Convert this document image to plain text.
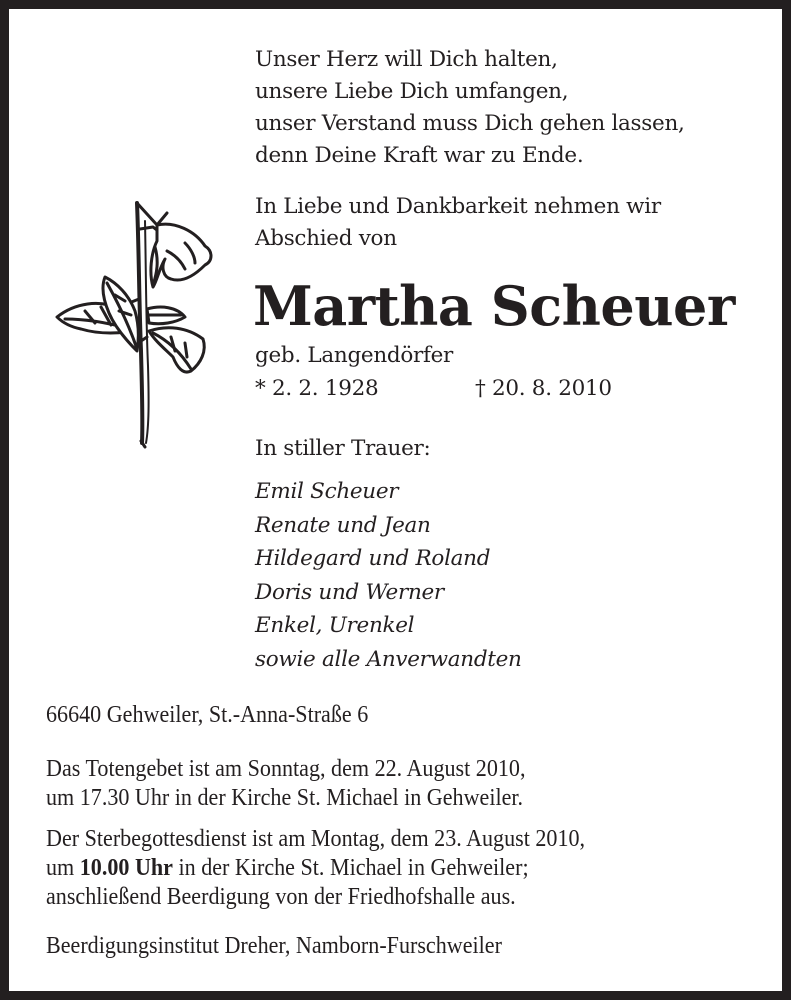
Unser Herz will Dich halten,
unsere Liebe Dich umfangen,
unser Verstand muss Dich gehen lassen,
denn Deine Kraft war zu Ende.
In Liebe und Dankbarkeit nehmen wir
Abschied von
Martha Scheuer
geb. Langendörfer
* 2. 2. 1928	† 20. 8. 2010
In stiller Trauer:
Emil Scheuer
Renate und Jean
Hildegard und Roland
Doris und Werner
Enkel, Urenkel
sowie alle Anverwandten
66640 Gehweiler, St.-Anna-Straße 6
Das Totengebet ist am Sonntag, dem 22. August 2010,
um 17.30 Uhr in der Kirche St. Michael in Gehweiler.
Der Sterbegottesdienst ist am Montag, dem 23. August 2010,
um 10.00 Uhr in der Kirche St. Michael in Gehweiler;
anschließend Beerdigung von der Friedhofshalle aus.
Beerdigungsinstitut Dreher, Namborn-Furschweiler
